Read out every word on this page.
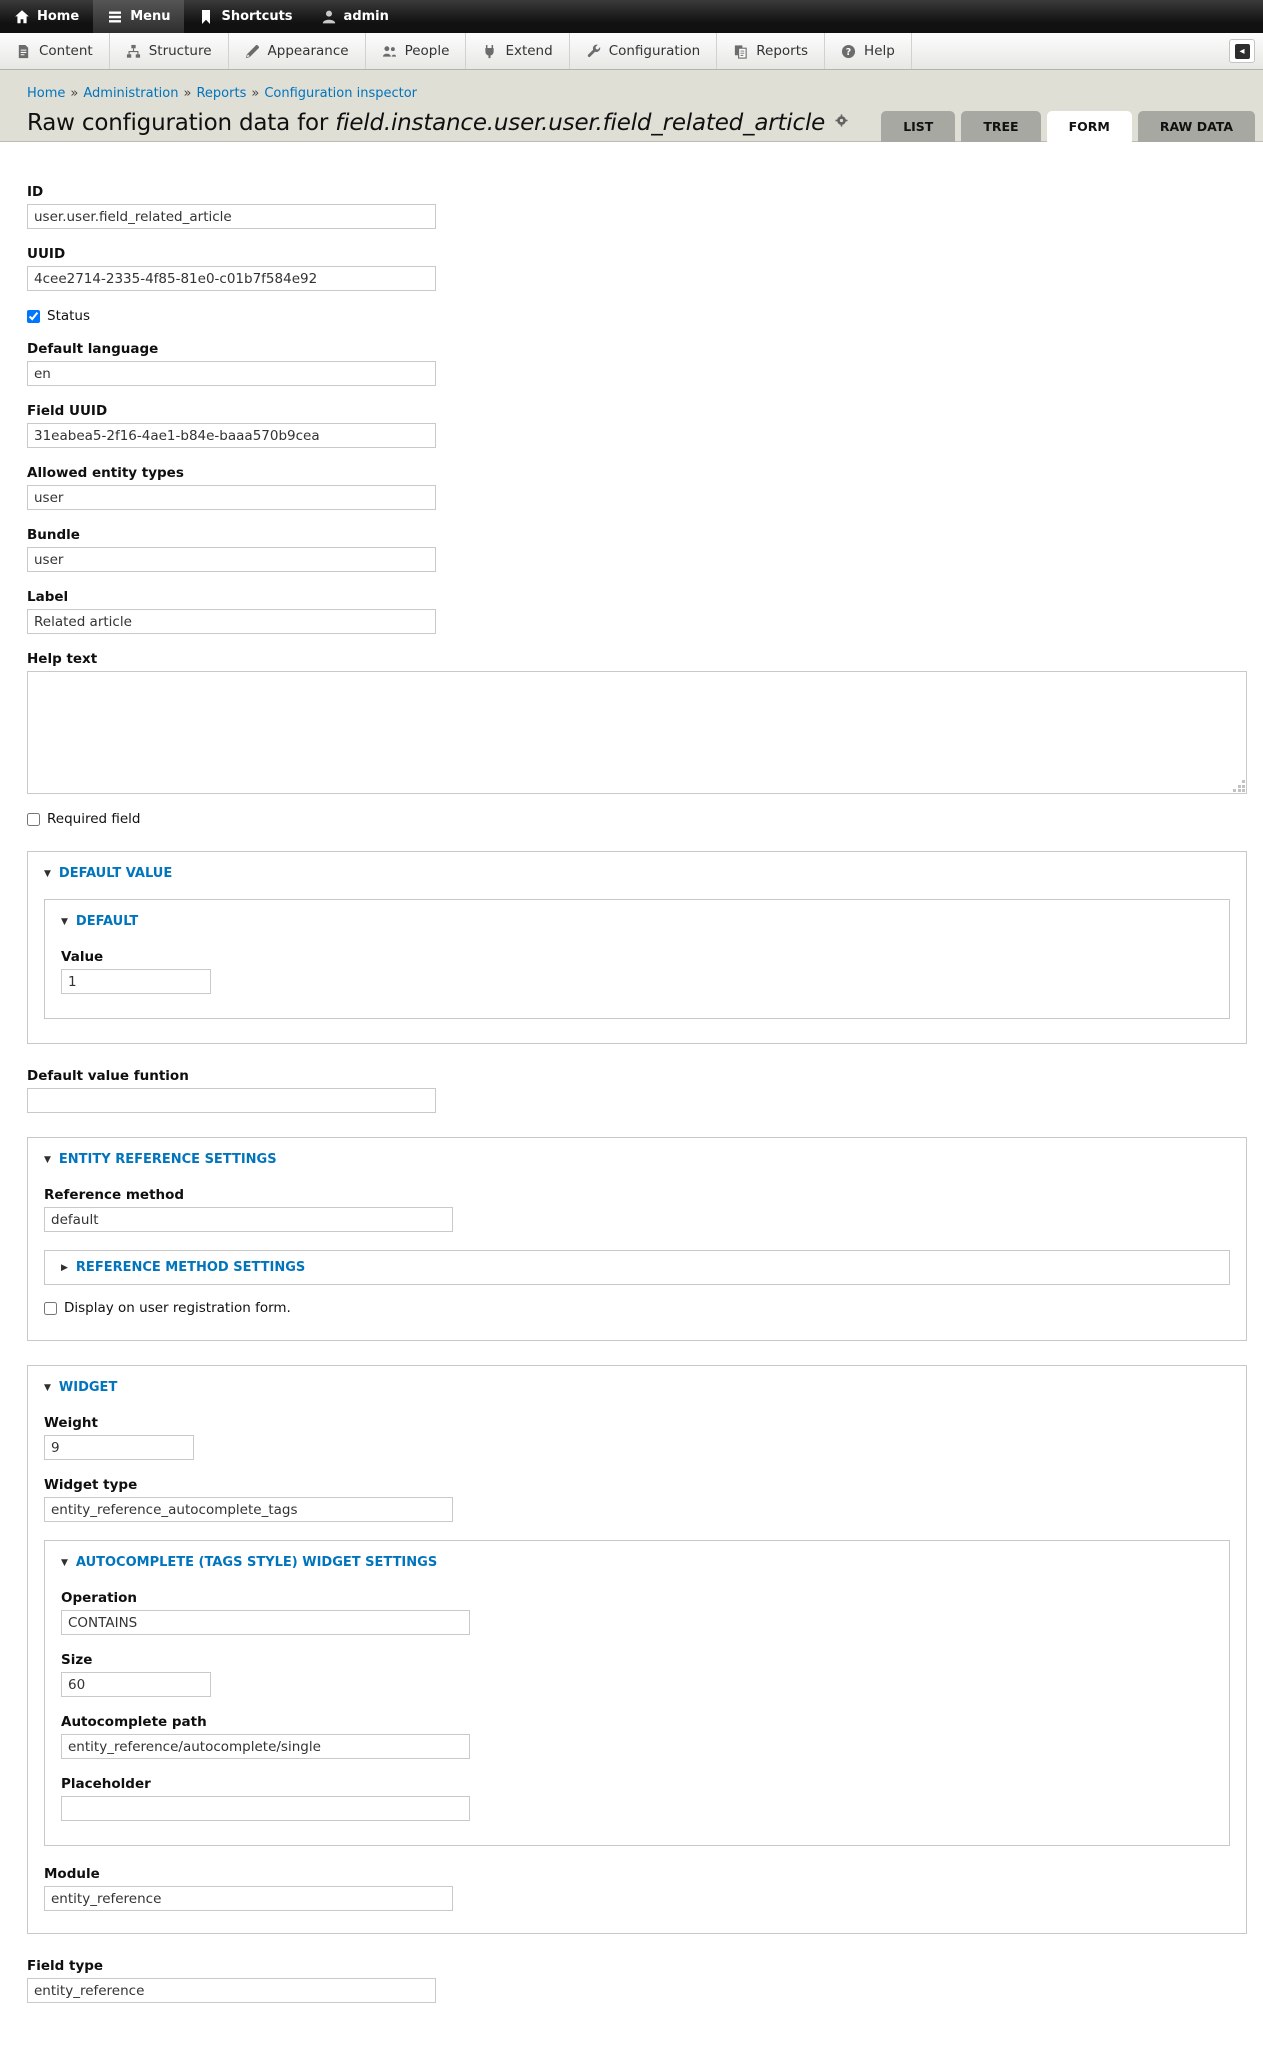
Home	Menu	Shortcuts	admin
Content	Structure	Appearance	People	Extend	Configuration	Reports	? Help	◂
Home » Administration » Reports » Configuration inspector
Raw configuration data for field.instance.user.user.field_related_article	LIST	TREE	FORM	RAW DATA
ID
user.user.field_related_article
UUID
4cee2714-2335-4f85-81e0-c01b7f584e92
Status
Default language
en
Field UUID
31eabea5-2f16-4ae1-b84e-baaa570b9cea
Allowed entity types
user
Bundle
user
Label
Related article
Help text
Required field
▼ DEFAULT VALUE
▼ DEFAULT
Value
1
Default value funtion
▼ ENTITY REFERENCE SETTINGS
Reference method
default
▶ REFERENCE METHOD SETTINGS
Display on user registration form.
▼ WIDGET
Weight
9
Widget type
entity_reference_autocomplete_tags
▼ AUTOCOMPLETE (TAGS STYLE) WIDGET SETTINGS
Operation
CONTAINS
Size
60
Autocomplete path
entity_reference/autocomplete/single
Placeholder
Module
entity_reference
Field type
entity_reference
